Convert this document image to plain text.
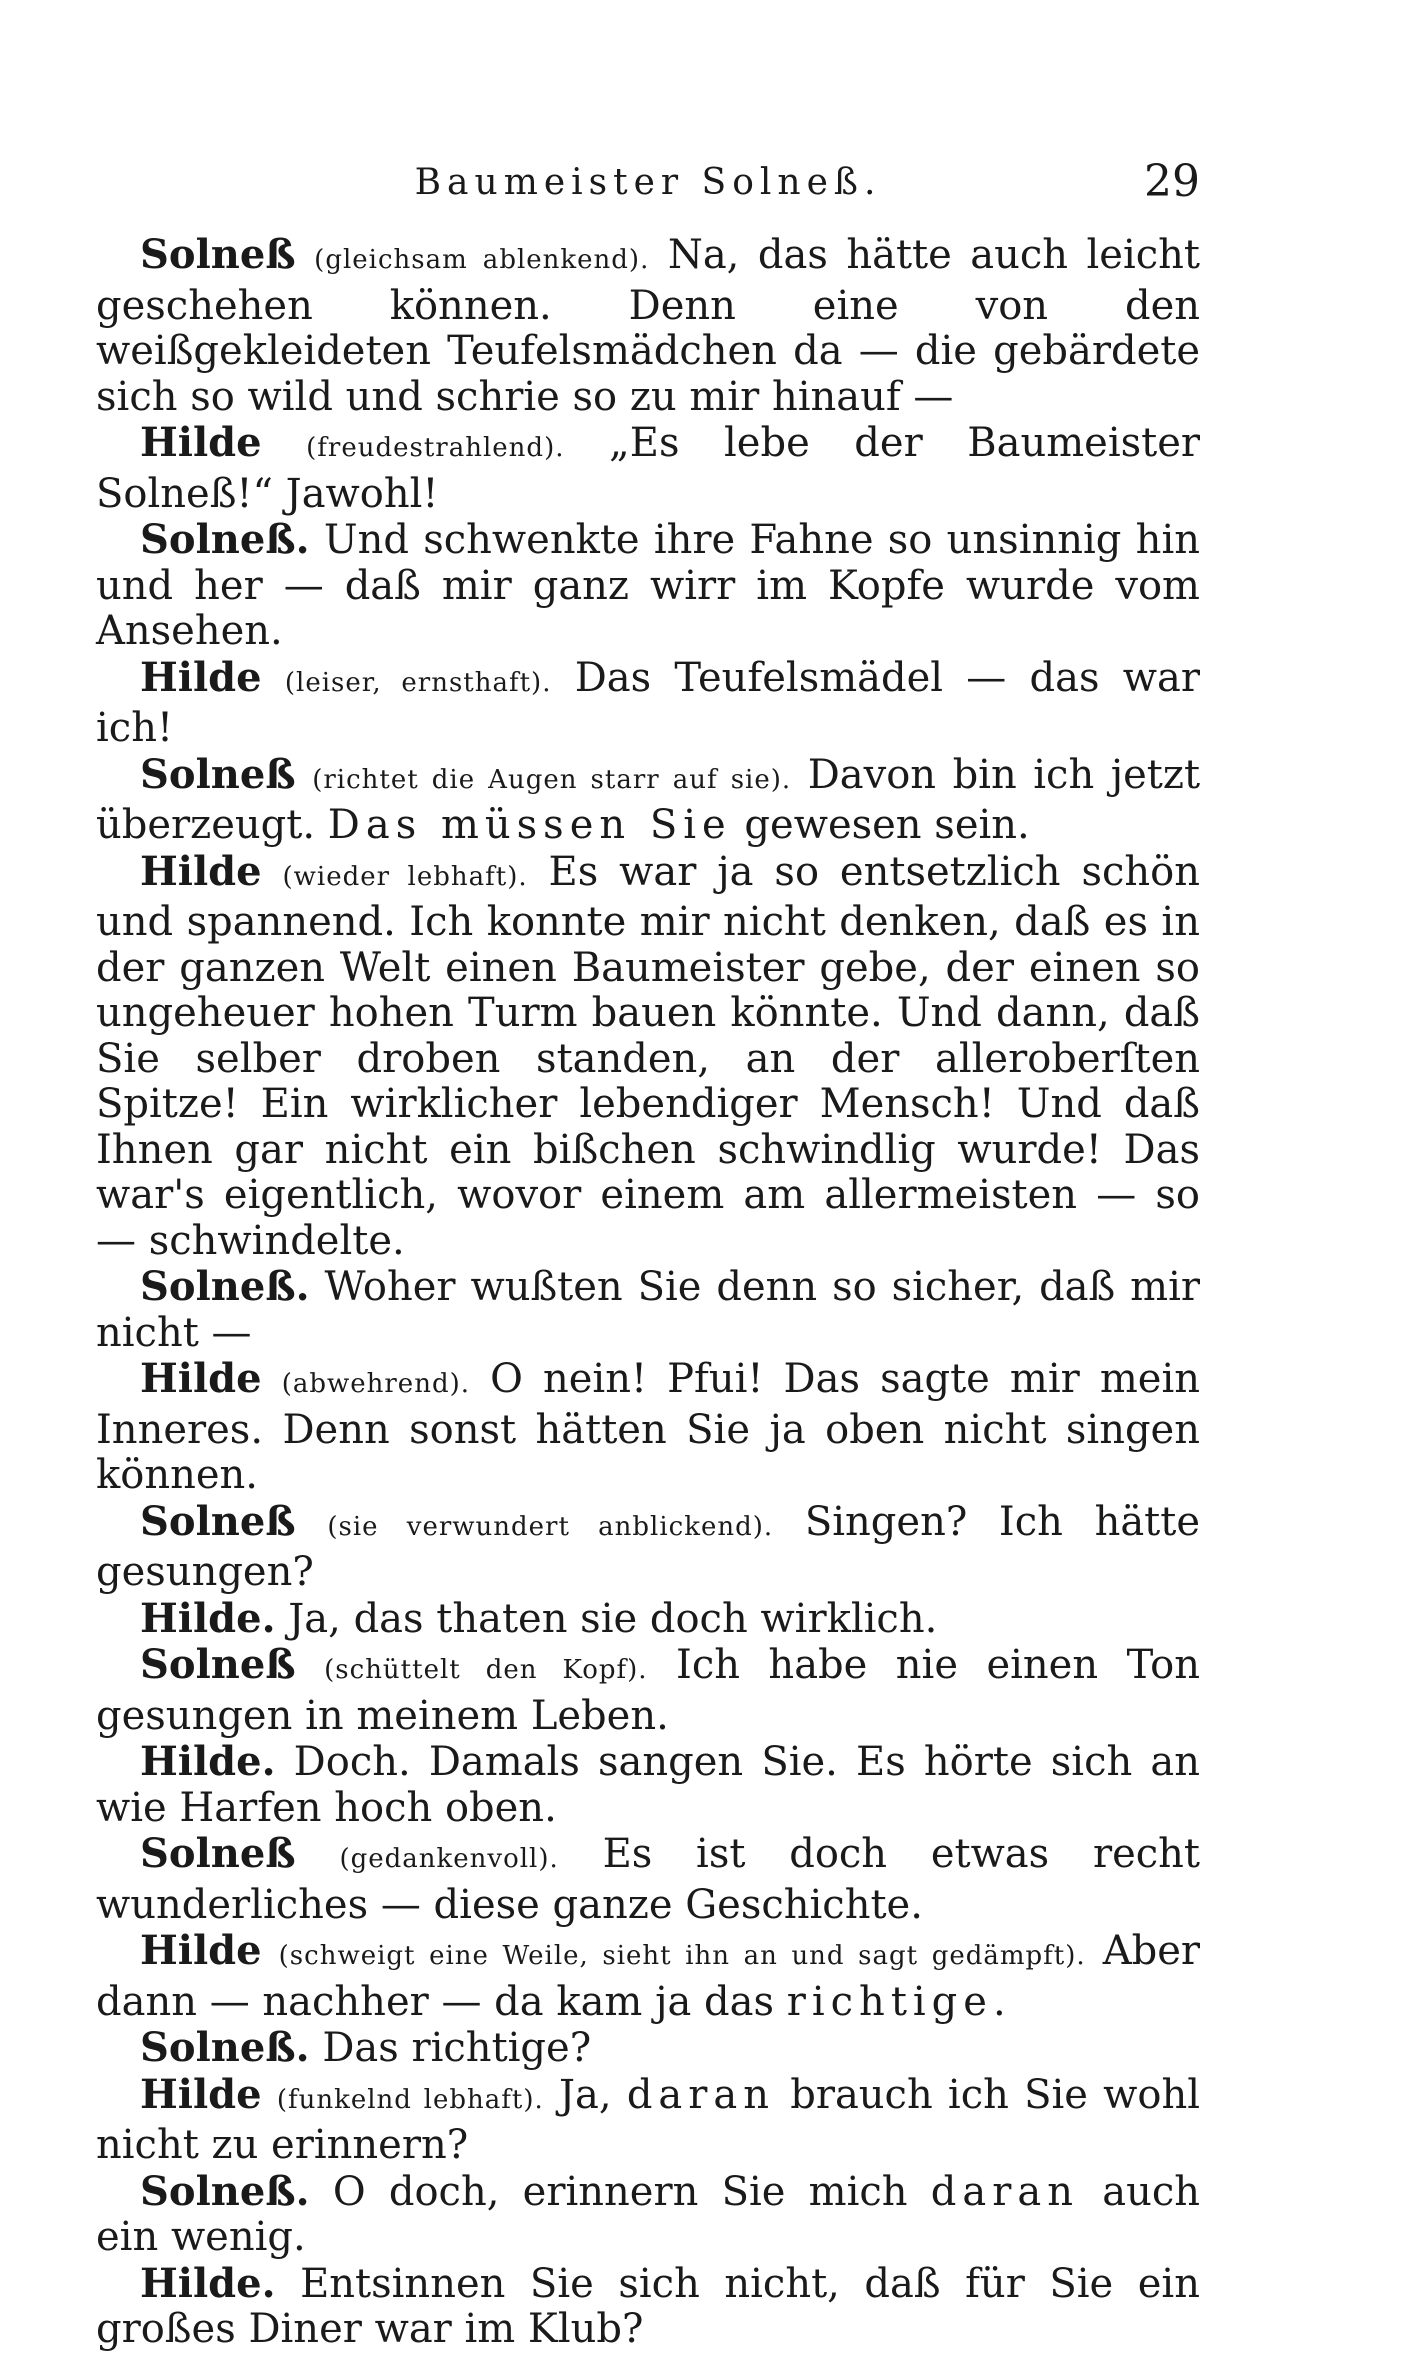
Baumeister Solneß.	29

Solneß (gleichsam ablenkend). Na, das hätte auch leicht geschehen können. Denn eine von den weißgekleideten Teufelsmädchen da — die gebärdete sich so wild und schrie so zu mir hinauf —

Hilde (freudestrahlend). „Es lebe der Baumeister Solneß!“ Jawohl!

Solneß. Und schwenkte ihre Fahne so unsinnig hin und her — daß mir ganz wirr im Kopfe wurde vom Ansehen.

Hilde (leiser, ernsthaft). Das Teufelsmädel — das war ich!

Solneß (richtet die Augen starr auf sie). Davon bin ich jetzt überzeugt. Das müssen Sie gewesen sein.

Hilde (wieder lebhaft). Es war ja so entsetzlich schön und spannend. Ich konnte mir nicht denken, daß es in der ganzen Welt einen Baumeister gebe, der einen so ungeheuer hohen Turm bauen könnte. Und dann, daß Sie selber droben standen, an der alleroberſten Spitze! Ein wirklicher lebendiger Mensch! Und daß Ihnen gar nicht ein bißchen schwindlig wurde! Das war's eigentlich, wovor einem am allermeisten — so — schwindelte.

Solneß. Woher wußten Sie denn so sicher, daß mir nicht —

Hilde (abwehrend). O nein! Pfui! Das sagte mir mein Inneres. Denn sonst hätten Sie ja oben nicht singen können.

Solneß (sie verwundert anblickend). Singen? Ich hätte gesungen?

Hilde. Ja, das thaten sie doch wirklich.

Solneß (schüttelt den Kopf). Ich habe nie einen Ton gesungen in meinem Leben.

Hilde. Doch. Damals sangen Sie. Es hörte sich an wie Harfen hoch oben.

Solneß (gedankenvoll). Es ist doch etwas recht wunderliches — diese ganze Geschichte.

Hilde (schweigt eine Weile, sieht ihn an und sagt gedämpft). Aber dann — nachher — da kam ja das richtige.

Solneß. Das richtige?

Hilde (funkelnd lebhaft). Ja, daran brauch ich Sie wohl nicht zu erinnern?

Solneß. O doch, erinnern Sie mich daran auch ein wenig.

Hilde. Entsinnen Sie sich nicht, daß für Sie ein großes Diner war im Klub?
